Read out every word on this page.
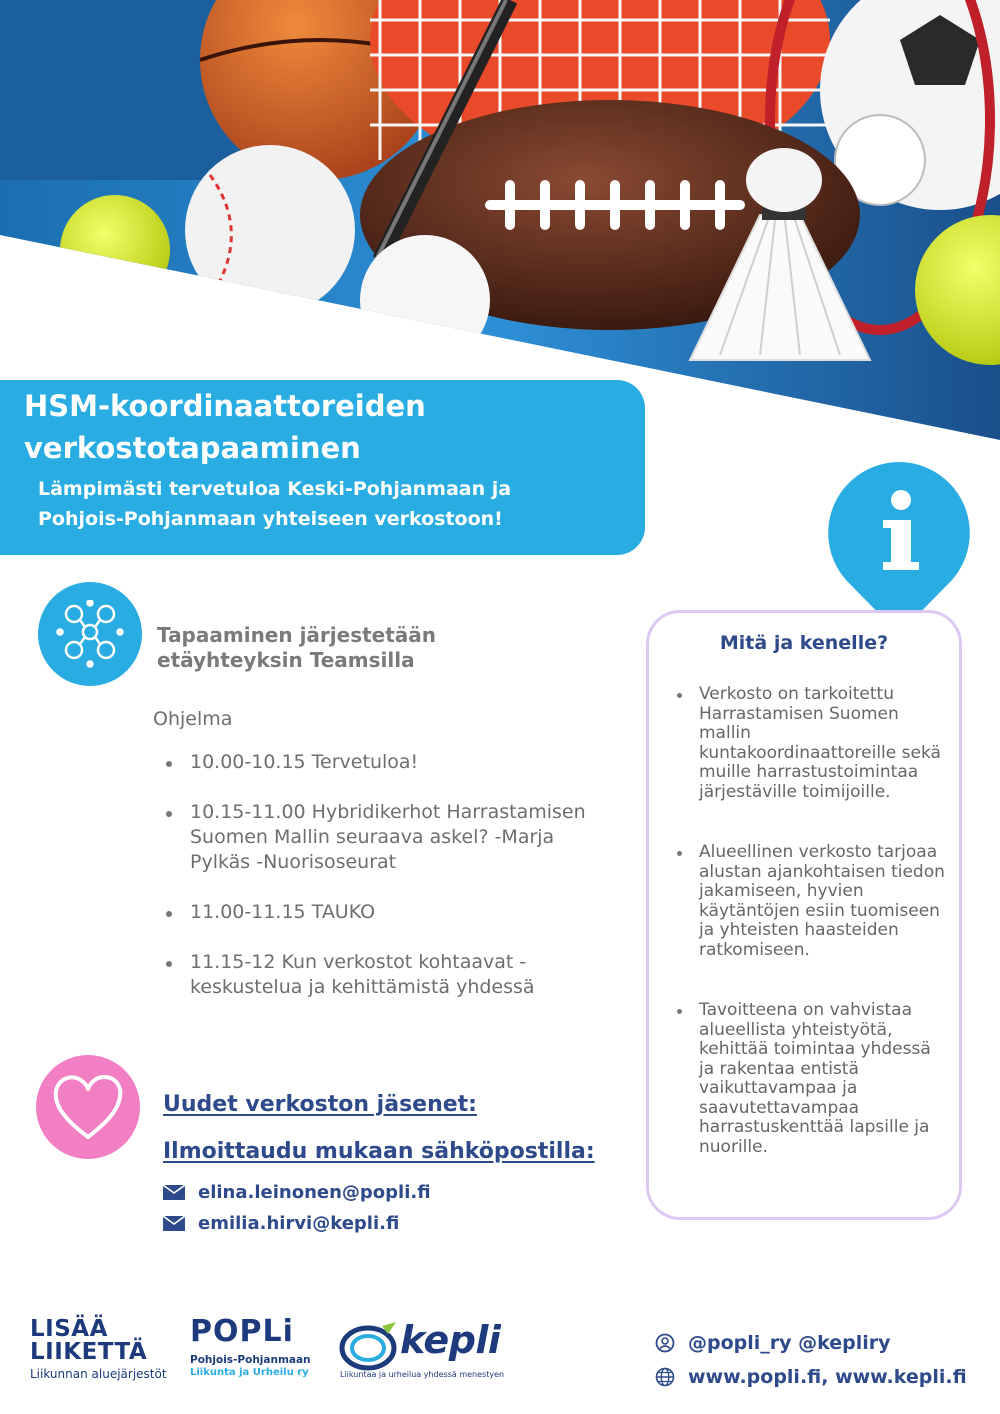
HSM-koordinaattoreiden
verkostotapaaminen

Lämpimästi tervetuloa Keski-Pohjanmaan ja
Pohjois-Pohjanmaan yhteiseen verkostoon!

Tapaaminen järjestetään
etäyhteyksin Teamsilla

Ohjelma

10.00-10.15 Tervetuloa!
10.15-11.00 Hybridikerhot Harrastamisen
Suomen Mallin seuraava askel? -Marja
Pylkäs -Nuorisoseurat
11.00-11.15 TAUKO
11.15-12 Kun verkostot kohtaavat -
keskustelua ja kehittämistä yhdessä

Uudet verkoston jäsenet:

Ilmoittaudu mukaan sähköpostilla:

elina.leinonen@popli.fi
emilia.hirvi@kepli.fi
Mitä ja kenelle?
Verkosto on tarkoitettu Harrastamisen Suomen mallin kuntakoordinaattoreille sekä muille harrastustoimintaa järjestäville toimijoille.
Alueellinen verkosto tarjoaa alustan ajankohtaisen tiedon jakamiseen, hyvien käytäntöjen esiin tuomiseen ja yhteisten haasteiden ratkomiseen.
Tavoitteena on vahvistaa alueellista yhteistyötä, kehittää toimintaa yhdessä ja rakentaa entistä vaikuttavampaa ja saavutettavampaa harrastuskenttää lapsille ja nuorille.
LISÄÄ
LIIKETTÄ
Liikunnan aluejärjestöt
POPLi
Pohjois-Pohjanmaan
Liikunta ja Urheilu ry
kepli
Liikuntaa ja urheilua yhdessä menestyen
@popli_ry @kepliry
www.popli.fi, www.kepli.fi
